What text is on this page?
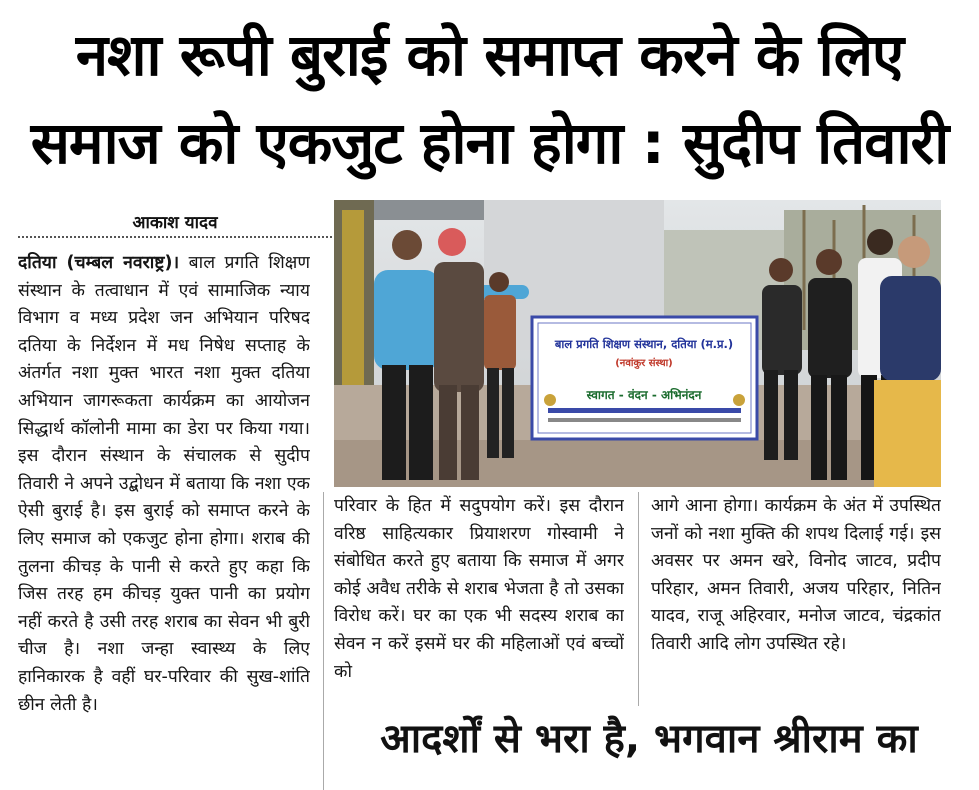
नशा रूपी बुराई को समाप्त करने के लिए
समाज को एकजुट होना होगा : सुदीप तिवारी
आकाश यादव

दतिया (चम्बल नवराष्ट्र)। बाल प्रगति शिक्षण संस्थान के तत्वाधान में एवं सामाजिक न्याय विभाग व मध्य प्रदेश जन अभियान परिषद दतिया के निर्देशन में मध निषेध सप्ताह के अंतर्गत नशा मुक्त भारत नशा मुक्त दतिया अभियान जागरूकता कार्यक्रम का आयोजन सिद्धार्थ कॉलोनी मामा का डेरा पर किया गया। इस दौरान संस्थान के संचालक से सुदीप तिवारी ने अपने उद्बोधन में बताया कि नशा एक ऐसी बुराई है। इस बुराई को समाप्त करने के लिए समाज को एकजुट होना होगा। शराब की तुलना कीचड़ के पानी से करते हुए कहा कि जिस तरह हम कीचड़ युक्त पानी का प्रयोग नहीं करते है उसी तरह शराब का सेवन भी बुरी चीज है। नशा जन्हा स्वास्थ्य के लिए हानिकारक है वहीं घर-परिवार की सुख-शांति छीन लेती है।

बाल प्रगति शिक्षण संस्थान, दतिया (म.प्र.)
(नवांकुर संस्था)
स्वागत - वंदन - अभिनंदन

परिवार के हित में सदुपयोग करें। इस दौरान वरिष्ठ साहित्यकार प्रियाशरण गोस्वामी ने संबोधित करते हुए बताया कि समाज में अगर कोई अवैध तरीके से शराब भेजता है तो उसका विरोध करें। घर का एक भी सदस्य शराब का सेवन न करें इसमें घर की महिलाओं एवं बच्चों को

आगे आना होगा। कार्यक्रम के अंत में उपस्थित जनों को नशा मुक्ति की शपथ दिलाई गई। इस अवसर पर अमन खरे, विनोद जाटव, प्रदीप परिहार, अमन तिवारी, अजय परिहार, नितिन यादव, राजू अहिरवार, मनोज जाटव, चंद्रकांत तिवारी आदि लोग उपस्थित रहे।

आदर्शों से भरा है, भगवान श्रीराम का
